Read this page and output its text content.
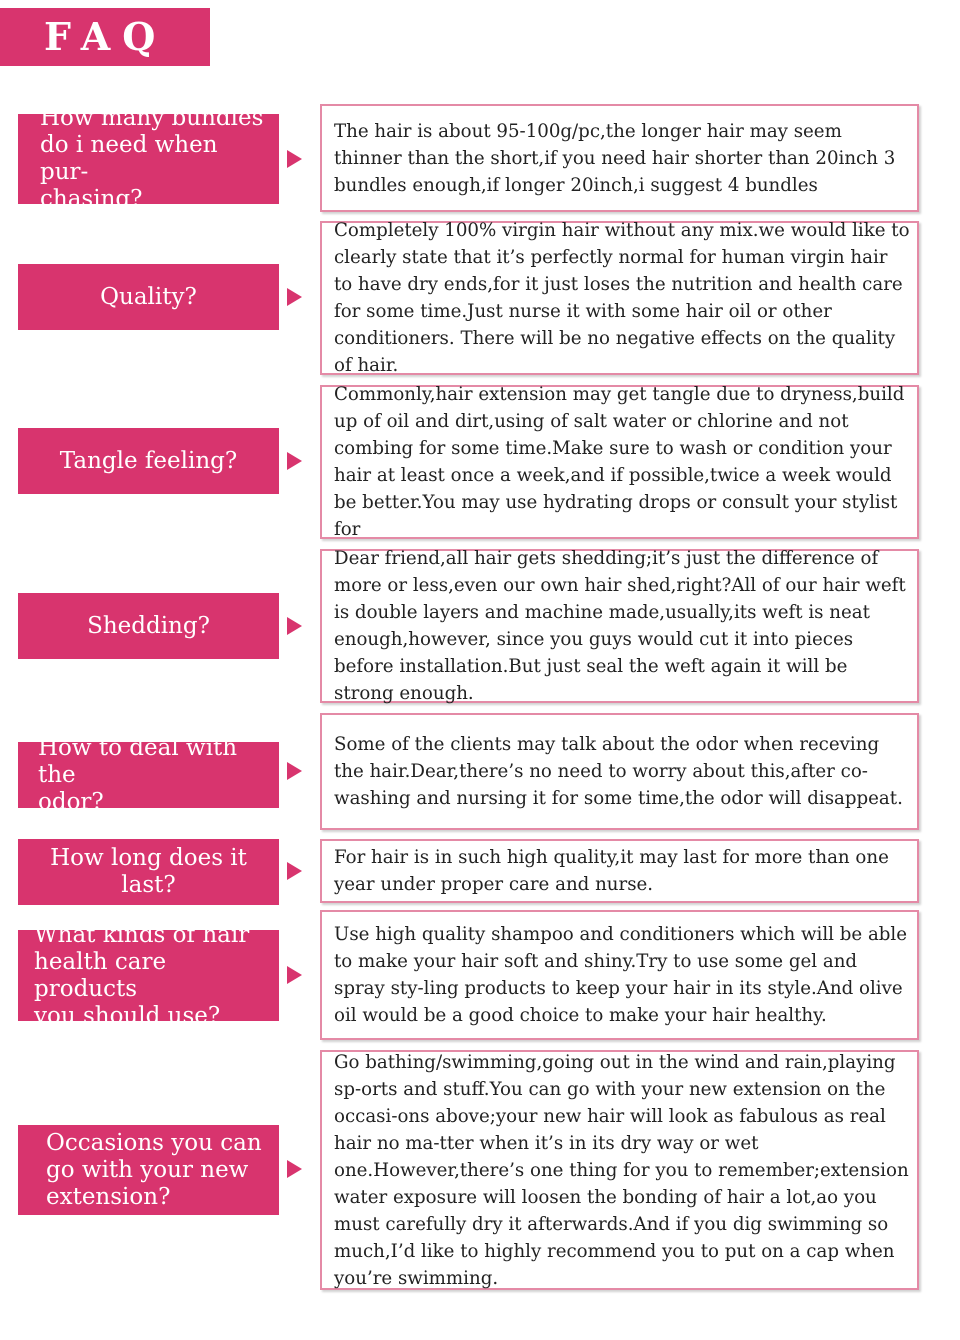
FAQ
How many bundles
do i need when pur-
chasing?
The hair is about 95-100g/pc,the longer hair may seem thinner than the short,if you need hair shorter than 20inch 3 bundles enough,if longer 20inch,i suggest 4 bundles
Quality?
Completely 100% virgin hair without any mix.we would like to clearly state that it’s perfectly normal for human virgin hair to have dry ends,for it just loses the nutrition and health care for some time.Just nurse it with some hair oil or other conditioners. There will be no negative effects on the quality of hair.
Tangle feeling?
Commonly,hair extension may get tangle due to dryness,build up of oil and dirt,using of salt water or chlorine and not combing for some time.Make sure to wash or condition your hair at least once a week,and if possible,twice a week would be better.You may use hydrating drops or consult your stylist for
Shedding?
Dear friend,all hair gets shedding;it’s just the difference of more or less,even our own hair shed,right?All of our hair weft is double layers and machine made,usually,its weft is neat enough,however, since you guys would cut it into pieces before installation.But just seal the weft again it will be strong enough.
How to deal with the
odor?
Some of the clients may talk about the odor when receving the hair.Dear,there’s no need to worry about this,after co-washing and nursing it for some time,the odor will disappeat.
How long does it last?
For hair is in such high quality,it may last for more than one year under proper care and nurse.
What kinds of hair
health care products
you should use?
Use high quality shampoo and conditioners which will be able to make your hair soft and shiny.Try to use some gel and spray sty-ling products to keep your hair in its style.And olive oil would be a good choice to make your hair healthy.
Occasions you can
go with your new
extension?
Go bathing/swimming,going out in the wind and rain,playing sp-orts and stuff.You can go with your new extension on the occasi-ons above;your new hair will look as fabulous as real hair no ma-tter when it’s in its dry way or wet one.However,there’s one thing for you to remember;extension water exposure will loosen the bonding of hair a lot,ao you must carefully dry it afterwards.And if you dig swimming so much,I’d like to highly recommend you to put on a cap when you’re swimming.
